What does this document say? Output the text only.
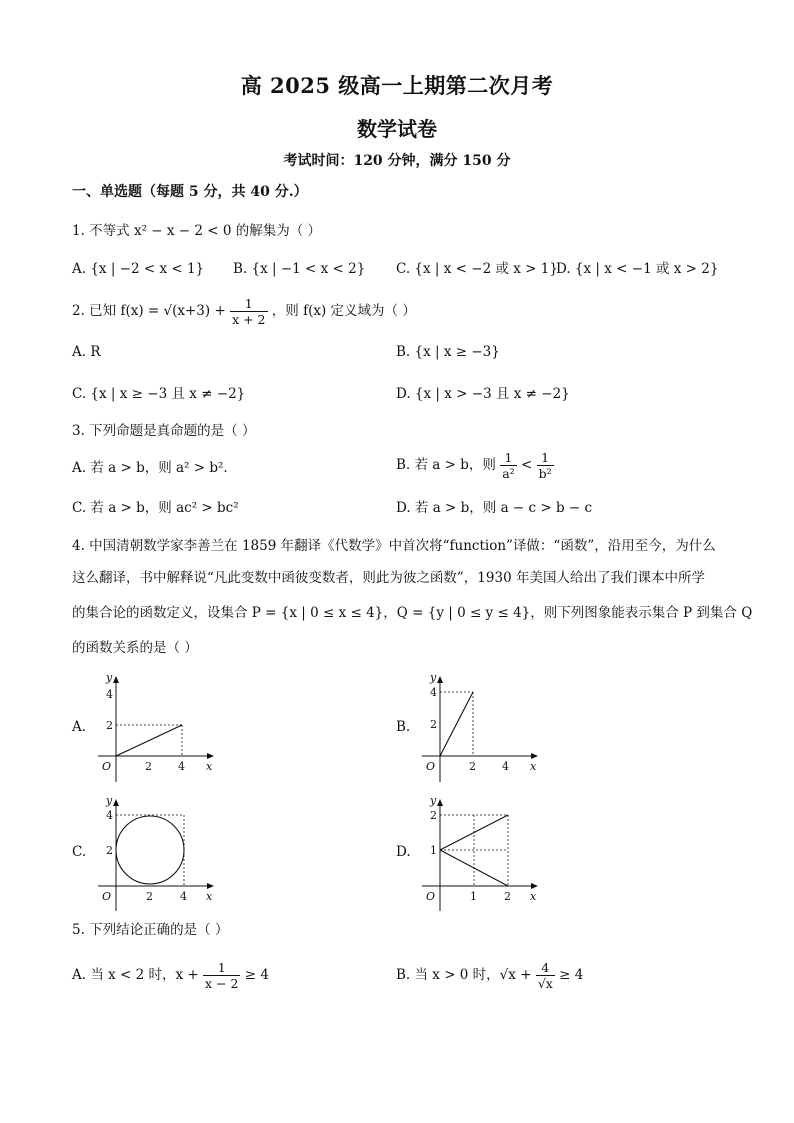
高 2025 级高一上期第二次月考
数学试卷
考试时间：120 分钟，满分 150 分
一、单选题（每题 5 分，共 40 分.）
1. 不等式 x² − x − 2 < 0 的解集为（ ）
A. {x | −2 < x < 1} B. {x | −1 < x < 2} C. {x | x < −2 或 x > 1}
D. {x | x < −1 或 x > 2}
2. 已知 $f(x) = √(x+3) + \frac{1}{x + 2}$ ，则 f(x) 定义域为（ ）
A. R	B. {x | x ≥ −3}
C. {x | x ≥ −3 且 x ≠ −2}	D. {x | x > −3 且 x ≠ −2}
3. 下列命题是真命题的是（ ）
A. 若 a > b，则 a² > b².	B. 若 a > b，则 $\frac{1}{\text{a²}} < \frac{1}{\text{b²}}$
C. 若 a > b，则 ac² > bc²	D. 若 a > b，则 a − c > b − c
4. 中国清朝数学家李善兰在 1859 年翻译《代数学》中首次将“function”译做：“函数”，沿用至今，为什么
这么翻译，书中解释说“凡此变数中函彼变数者，则此为彼之函数”，1930 年美国人给出了我们课本中所学
的集合论的函数定义，设集合 P = {x | 0 ≤ x ≤ 4}，Q = {y | 0 ≤ y ≤ 4}，则下列图象能表示集合 P 到集合 Q
的函数关系的是（ ）
A.	B.
C.	D.
y
x
O
4
2
2 4
y
x
O
4
2
2 4
y
x
O
4
2
2 4
y
x
O
2
1
1 2
5. 下列结论正确的是（ ）
A. 当 x < 2 时，$x + \frac{1}{x - 2} \ge 4$	B. 当 x > 0 时，$√x + \frac{4}{√x} \ge 4$
